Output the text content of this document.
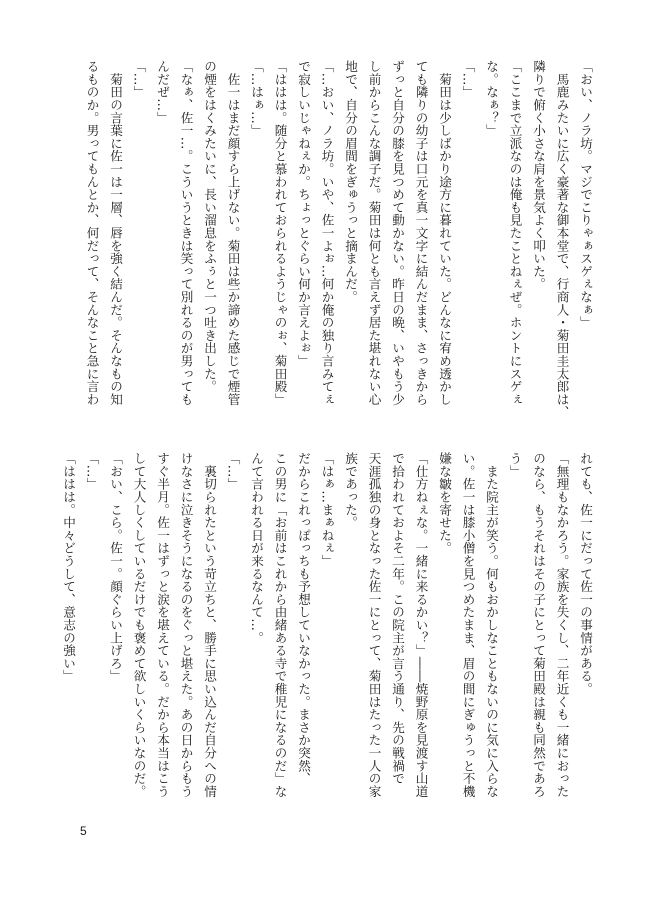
「おい、ノラ坊。マジでこりゃぁスゲぇなぁ」
　馬鹿みたいに広く豪著な御本堂で、行商人・菊田圭太郎は、
隣りで俯く小さな肩を景気よく叩いた。
「ここまで立派なのは俺も見たことねぇぜ。ホントにスゲぇ
な。なぁ？」
「…」
　菊田は少しばかり途方に暮れていた。どんなに宥め透かし
ても隣りの幼子は口元を真一文字に結んだまま、さっきから
ずっと自分の膝を見つめて動かない。昨日の晩、いやもう少
し前からこんな調子だ。菊田は何とも言えず居た堪れない心
地で、自分の眉間をぎゅうっと摘まんだ。
「…おい、ノラ坊。いや、佐一よぉ…何か俺の独り言みてぇ
で寂しいじゃねぇか。ちょっとぐらい何か言えよぉ」
「ははは。随分と慕われておられるようじゃのぉ、菊田殿」
「…はぁ…」
　佐一はまだ顔すら上げない。菊田は些か諦めた感じで煙管
の煙をはくみたいに、長い溜息をふぅと一つ吐き出した。
「なぁ、佐一…。こういうときは笑って別れるのが男っても
んだぜ…」
「…」
　菊田の言葉に佐一は一層、唇を強く結んだ。そんなもの知
るものか。男ってもんとか、何だって、そんなこと急に言わ
れても、佐一にだって佐一の事情がある。
「無理もなかろう。家族を失くし、二年近くも一緒におった
のなら、もうそれはその子にとって菊田殿は親も同然であろ
う」
　また院主が笑う。何もおかしなこともないのに気に入らな
い。佐一は膝小僧を見つめたまま、眉の間にぎゅうっと不機
嫌な皺を寄せた。
「仕方ねぇな。一緒に来るかい？」――焼野原を見渡す山道
で拾われておよそ二年。この院主が言う通り、先の戦禍で
天涯孤独の身となった佐一にとって、菊田はたった一人の家
族であった。
「はぁ…まぁねぇ」
だからこれっぽっちも予想していなかった。まさか突然、
この男に「お前はこれから由緒ある寺で稚児になるのだ」な
んて言われる日が来るなんて…。
「…」
　裏切られたという苛立ちと、勝手に思い込んだ自分への情
けなさに泣きそうになるのをぐっと堪えた。あの日からもう
すぐ半月。佐一はずっと涙を堪えている。だから本当はこう
して大人しくしているだけでも褒めて欲しいくらいなのだ。
「おい、こら。佐一。顔ぐらい上げろ」
「…」
「ははは。中々どうして、意志の強い」
5
